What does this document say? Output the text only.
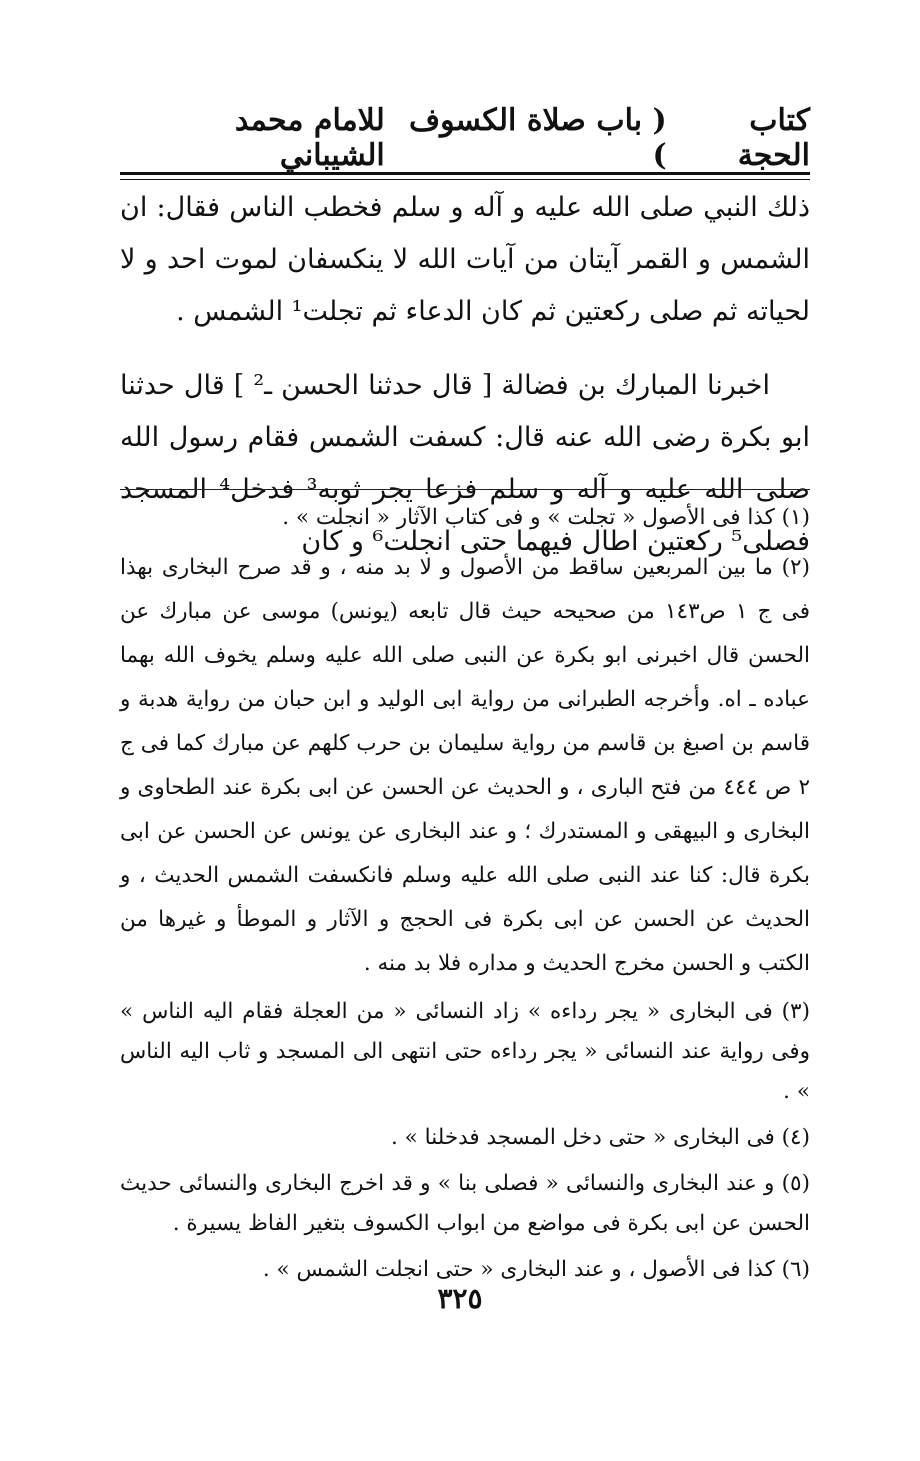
كتاب الحجة
( باب صلاة الكسوف )
للامام محمد الشيباني

ذلك النبي صلى الله عليه و آله و سلم فخطب الناس فقال: ان الشمس و القمر آيتان من آيات الله لا ينكسفان لموت احد و لا لحياته ثم صلى ركعتين ثم كان الدعاء ثم تجلت¹ الشمس .

اخبرنا المبارك بن فضالة [ قال حدثنا الحسن ـ² ] قال حدثنا ابو بكرة رضى الله عنه قال: كسفت الشمس فقام رسول الله صلى الله عليه و آله و سلم فزعا يجر ثوبه³ فدخل⁴ المسجد فصلى⁵ ركعتين اطال فيهما حتى انجلت⁶ و كان

(١) كذا فى الأصول « تجلت » و فى كتاب الآثار « انجلت » .

(٢) ما بين المربعين ساقط من الأصول و لا بد منه ، و قد صرح البخارى بهذا فى ج ١ ص١٤٣ من صحيحه حيث قال تابعه (يونس) موسى عن مبارك عن الحسن قال اخبرنى ابو بكرة عن النبى صلى الله عليه وسلم يخوف الله بهما عباده ـ اه. وأخرجه الطبرانى من رواية ابى الوليد و ابن حبان من رواية هدبة و قاسم بن اصبغ بن قاسم من رواية سليمان بن حرب كلهم عن مبارك كما فى ج ٢ ص ٤٤٤ من فتح البارى ، و الحديث عن الحسن عن ابى بكرة عند الطحاوى و البخارى و البيهقى و المستدرك ؛ و عند البخارى عن يونس عن الحسن عن ابى بكرة قال: كنا عند النبى صلى الله عليه وسلم فانكسفت الشمس الحديث ، و الحديث عن الحسن عن ابى بكرة فى الحجج و الآثار و الموطأ و غيرها من الكتب و الحسن مخرج الحديث و مداره فلا بد منه .

(٣) فى البخارى « يجر رداءه » زاد النسائى « من العجلة فقام اليه الناس » وفى رواية عند النسائى « يجر رداءه حتى انتهى الى المسجد و ثاب اليه الناس » .

(٤) فى البخارى « حتى دخل المسجد فدخلنا » .

(٥) و عند البخارى والنسائى « فصلى بنا » و قد اخرج البخارى والنسائى حديث الحسن عن ابى بكرة فى مواضع من ابواب الكسوف بتغير الفاظ يسيرة .

(٦) كذا فى الأصول ، و عند البخارى « حتى انجلت الشمس » .

٣٢٥
